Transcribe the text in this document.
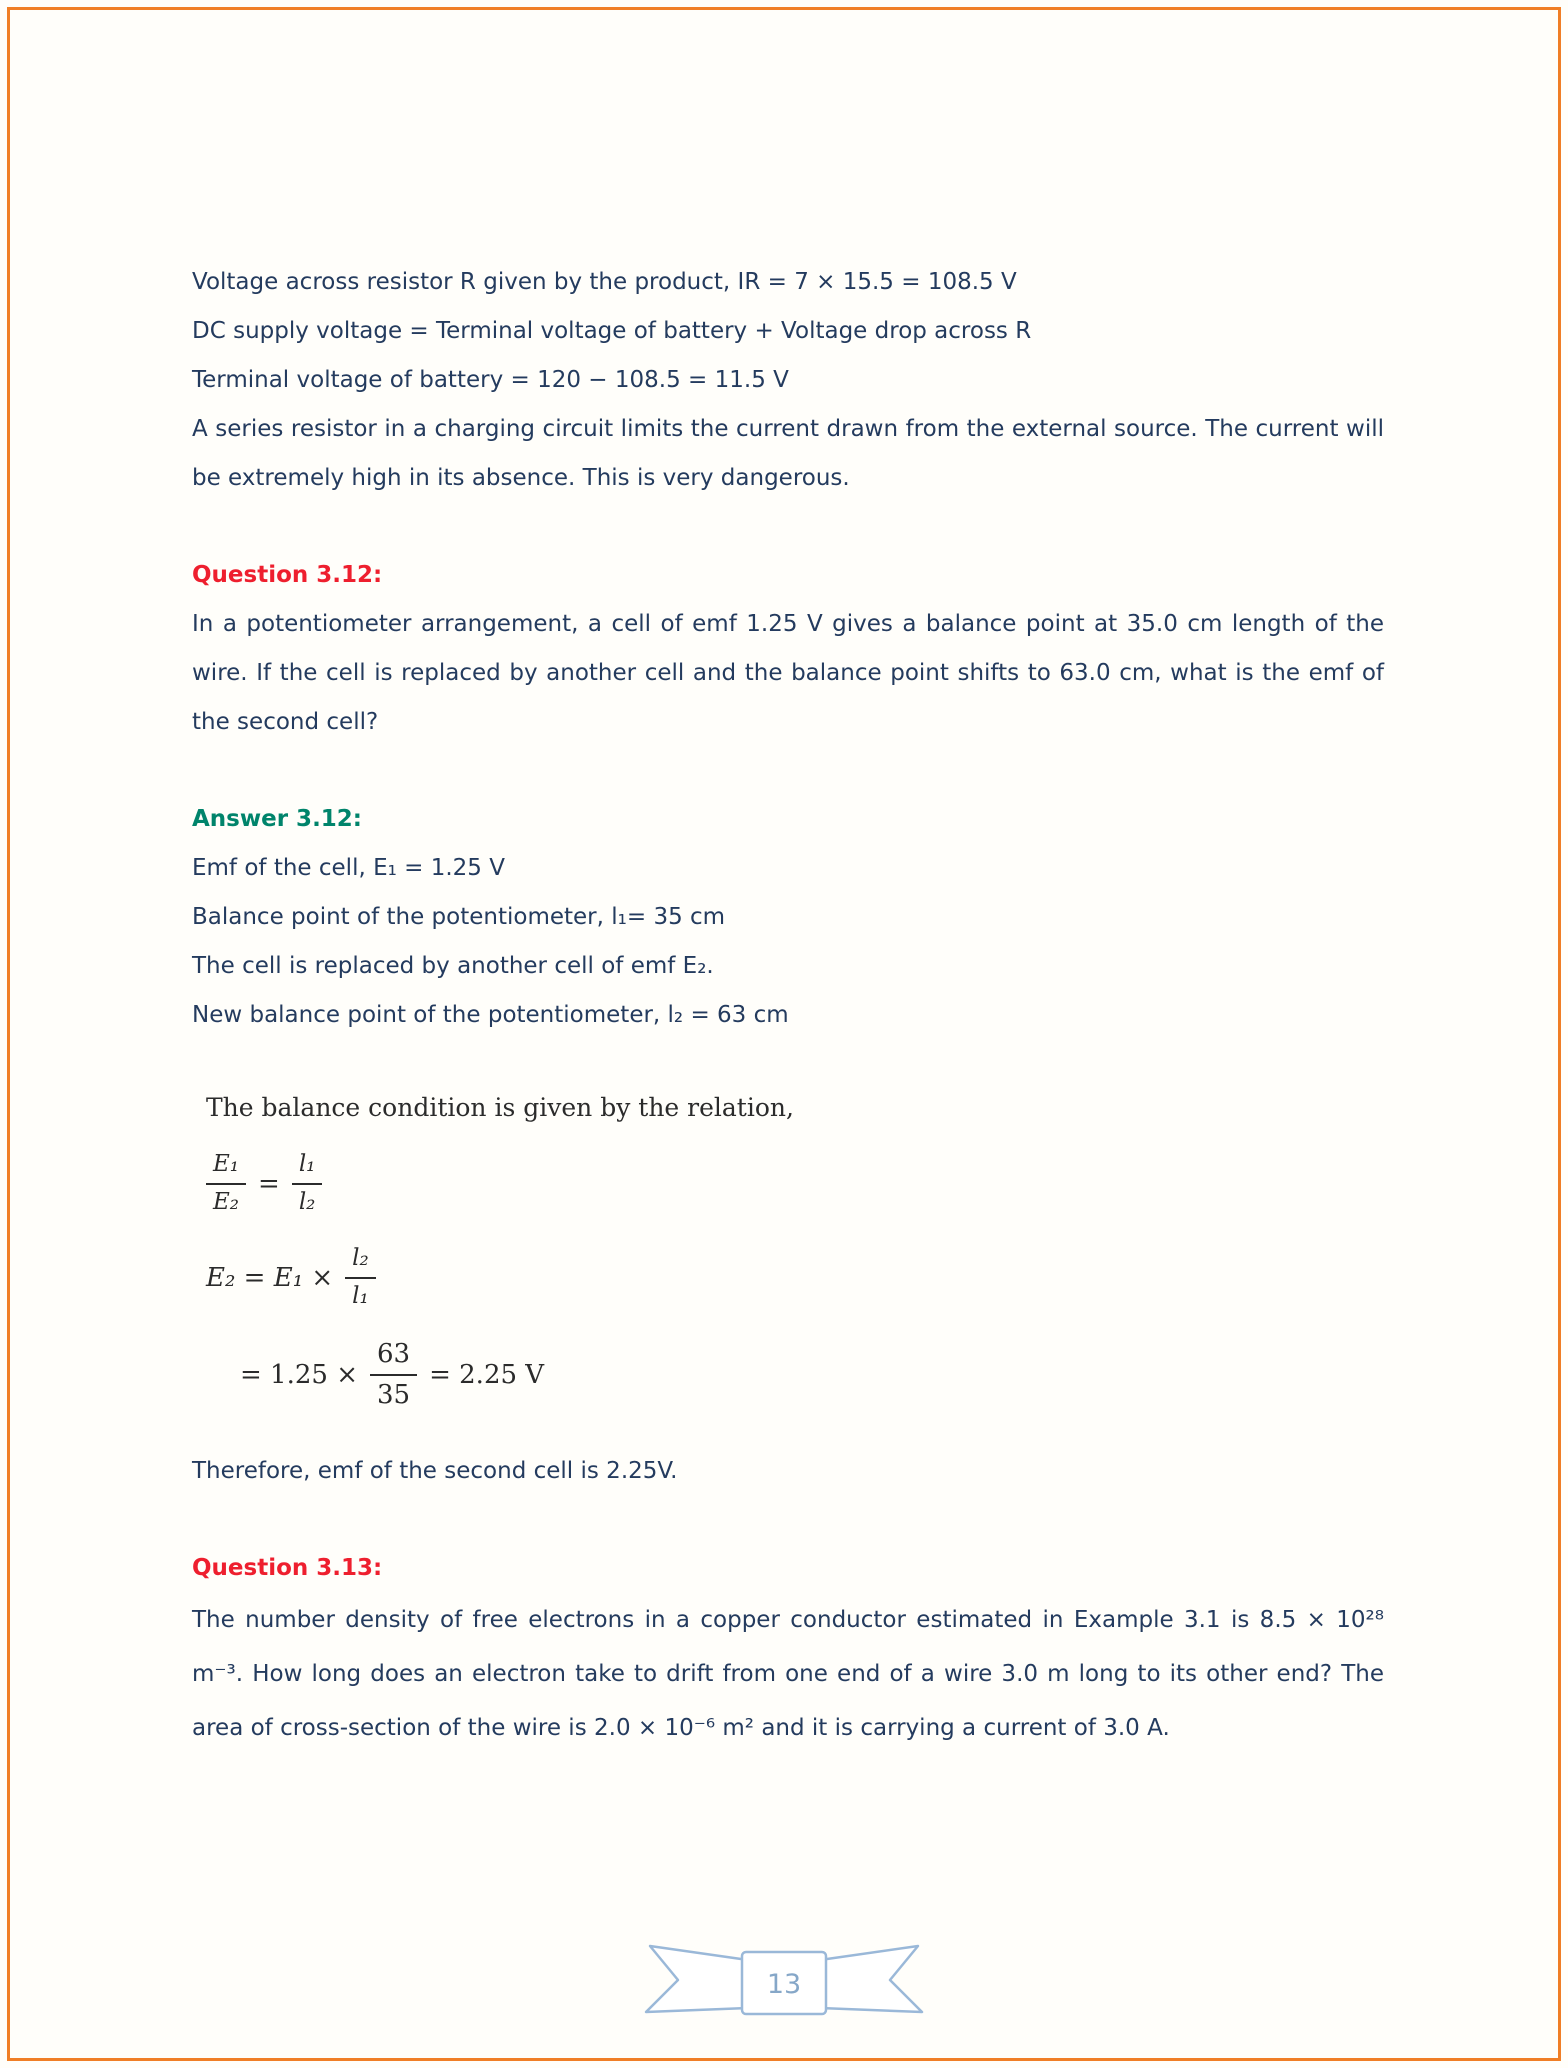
Voltage across resistor R given by the product, IR = 7 × 15.5 = 108.5 V

DC supply voltage = Terminal voltage of battery + Voltage drop across R

Terminal voltage of battery = 120 − 108.5 = 11.5 V

A series resistor in a charging circuit limits the current drawn from the external source. The current will be extremely high in its absence. This is very dangerous.

Question 3.12:

In a potentiometer arrangement, a cell of emf 1.25 V gives a balance point at 35.0 cm length of the wire. If the cell is replaced by another cell and the balance point shifts to 63.0 cm, what is the emf of the second cell?

Answer 3.12:

Emf of the cell, E₁ = 1.25 V

Balance point of the potentiometer, l₁= 35 cm

The cell is replaced by another cell of emf E₂.

New balance point of the potentiometer, l₂ = 63 cm

The balance condition is given by the relation,

$\frac{\text{E₁}}{\text{E₂}} = \frac{\text{l₁}}{\text{l₂}}$
$E_2 = E_1 \times \frac{\text{l₂}}{\text{l₁}}$
= $1.25 \times \frac{63}{35} = 2.25$ V

Therefore, emf of the second cell is 2.25V.

Question 3.13:

The number density of free electrons in a copper conductor estimated in Example 3.1 is 8.5 × 10²⁸ m⁻³. How long does an electron take to drift from one end of a wire 3.0 m long to its other end? The area of cross-section of the wire is 2.0 × 10⁻⁶ m² and it is carrying a current of 3.0 A.

13
